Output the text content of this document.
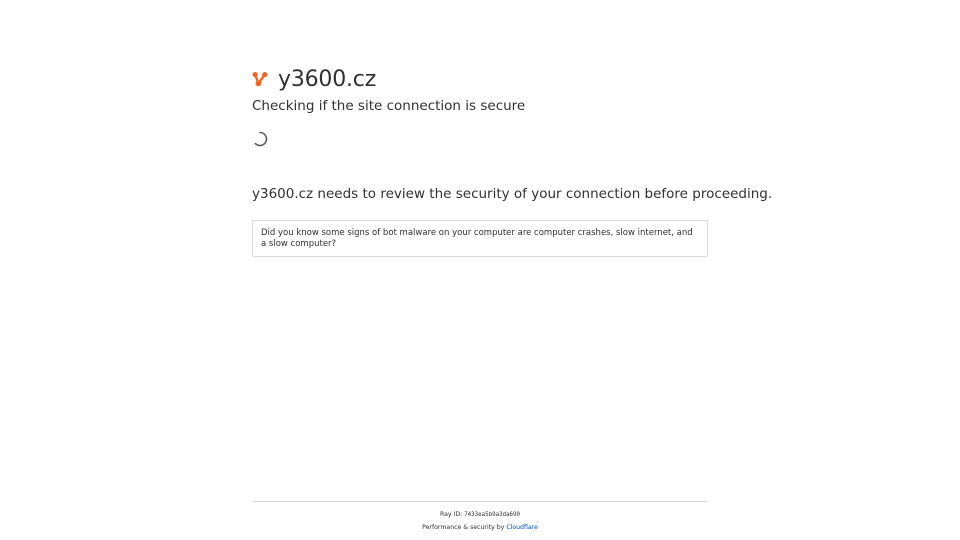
y3600.cz
Checking if the site connection is secure
y3600.cz needs to review the security of your connection before proceeding.
Did you know some signs of bot malware on your computer are computer crashes, slow internet, and a slow computer?
Ray ID: 7433ea5b9a3da690
Performance & security by Cloudflare
